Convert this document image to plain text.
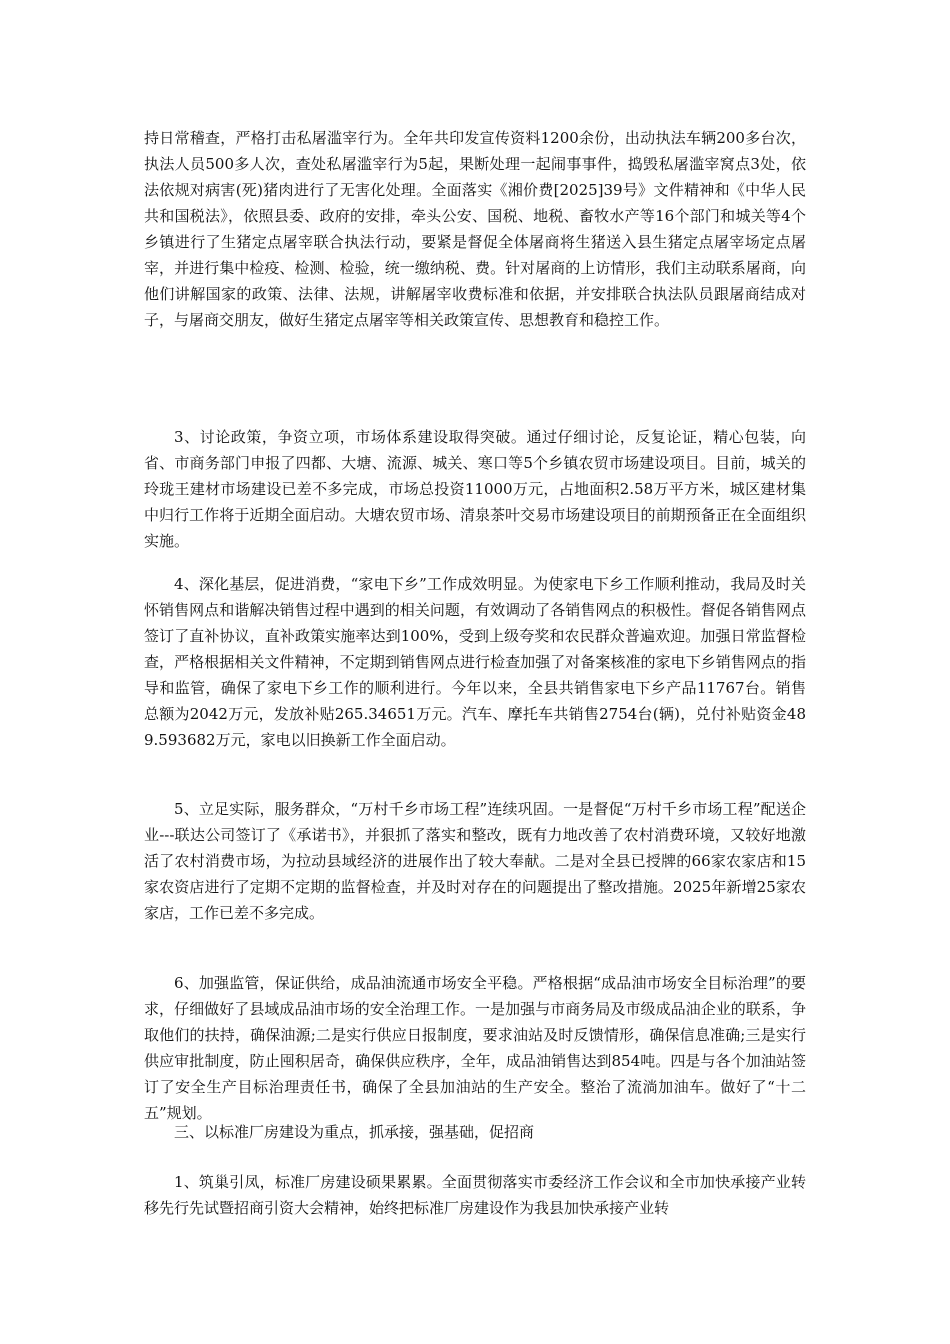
持日常稽查，严格打击私屠滥宰行为。全年共印发宣传资料1200余份，出动执法车辆200多台次，执法人员500多人次，查处私屠滥宰行为5起，果断处理一起闹事事件，捣毁私屠滥宰窝点3处，依法依规对病害(死)猪肉进行了无害化处理。全面落实《湘价费[2025]39号》文件精神和《中华人民共和国税法》，依照县委、政府的安排，牵头公安、国税、地税、畜牧水产等16个部门和城关等4个乡镇进行了生猪定点屠宰联合执法行动，要紧是督促全体屠商将生猪送入县生猪定点屠宰场定点屠宰，并进行集中检疫、检测、检验，统一缴纳税、费。针对屠商的上访情形，我们主动联系屠商，向他们讲解国家的政策、法律、法规，讲解屠宰收费标准和依据，并安排联合执法队员跟屠商结成对子，与屠商交朋友，做好生猪定点屠宰等相关政策宣传、思想教育和稳控工作。

3、讨论政策，争资立项，市场体系建设取得突破。通过仔细讨论，反复论证，精心包装，向省、市商务部门申报了四都、大塘、流源、城关、寒口等5个乡镇农贸市场建设项目。目前，城关的玲珑王建材市场建设已差不多完成，市场总投资11000万元，占地面积2.58万平方米，城区建材集中归行工作将于近期全面启动。大塘农贸市场、清泉茶叶交易市场建设项目的前期预备正在全面组织实施。

4、深化基层，促进消费，“家电下乡”工作成效明显。为使家电下乡工作顺利推动，我局及时关怀销售网点和谐解决销售过程中遇到的相关问题，有效调动了各销售网点的积极性。督促各销售网点签订了直补协议，直补政策实施率达到100%，受到上级夸奖和农民群众普遍欢迎。加强日常监督检查，严格根据相关文件精神，不定期到销售网点进行检查加强了对备案核准的家电下乡销售网点的指导和监管，确保了家电下乡工作的顺利进行。今年以来，全县共销售家电下乡产品11767台。销售总额为2042万元，发放补贴265.34651万元。汽车、摩托车共销售2754台(辆)，兑付补贴资金489.593682万元，家电以旧换新工作全面启动。

5、立足实际，服务群众，“万村千乡市场工程”连续巩固。一是督促“万村千乡市场工程”配送企业---联达公司签订了《承诺书》，并狠抓了落实和整改，既有力地改善了农村消费环境，又较好地激活了农村消费市场，为拉动县域经济的进展作出了较大奉献。二是对全县已授牌的66家农家店和15家农资店进行了定期不定期的监督检查，并及时对存在的问题提出了整改措施。2025年新增25家农家店，工作已差不多完成。

6、加强监管，保证供给，成品油流通市场安全平稳。严格根据“成品油市场安全目标治理”的要求，仔细做好了县域成品油市场的安全治理工作。一是加强与市商务局及市级成品油企业的联系，争取他们的扶持，确保油源;二是实行供应日报制度，要求油站及时反馈情形，确保信息准确;三是实行供应审批制度，防止囤积居奇，确保供应秩序，全年，成品油销售达到854吨。四是与各个加油站签订了安全生产目标治理责任书，确保了全县加油站的生产安全。整治了流淌加油车。做好了“十二五”规划。

三、以标准厂房建设为重点，抓承接，强基础，促招商

1、筑巢引凤，标准厂房建设硕果累累。全面贯彻落实市委经济工作会议和全市加快承接产业转移先行先试暨招商引资大会精神，始终把标准厂房建设作为我县加快承接产业转
